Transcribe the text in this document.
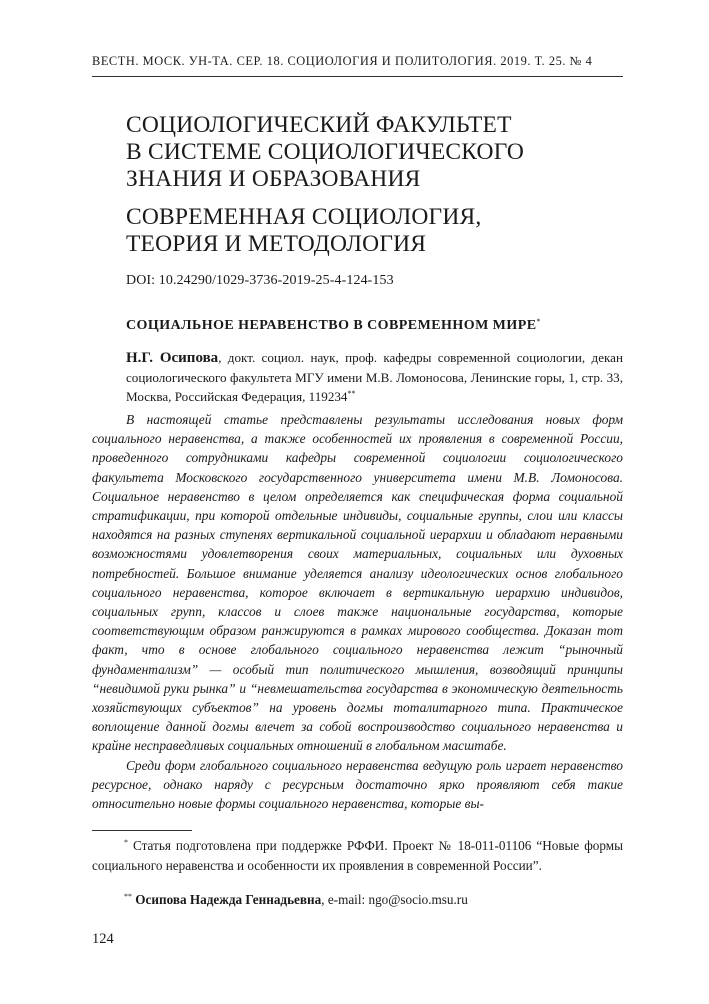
ВЕСТН. МОСК. УН-ТА. СЕР. 18. СОЦИОЛОГИЯ И ПОЛИТОЛОГИЯ. 2019. Т. 25. № 4
СОЦИОЛОГИЧЕСКИЙ ФАКУЛЬТЕТ
В СИСТЕМЕ СОЦИОЛОГИЧЕСКОГО
ЗНАНИЯ И ОБРАЗОВАНИЯ
СОВРЕМЕННАЯ СОЦИОЛОГИЯ,
ТЕОРИЯ И МЕТОДОЛОГИЯ
DOI: 10.24290/1029-3736-2019-25-4-124-153
СОЦИАЛЬНОЕ НЕРАВЕНСТВО В СОВРЕМЕННОМ МИРЕ*
Н.Г. Осипова, докт. социол. наук, проф. кафедры современной социологии, декан социологического факультета МГУ имени М.В. Ломоносова, Ленинские горы, 1, стр. 33, Москва, Российская Федерация, 119234**

В настоящей статье представлены результаты исследования новых форм социального неравенства, а также особенностей их проявления в современной России, проведенного сотрудниками кафедры современной социологии социологического факультета Московского государственного университета имени М.В. Ломоносова. Социальное неравенство в целом определяется как специфическая форма социальной стратификации, при которой отдельные индивиды, социальные группы, слои или классы находятся на разных ступенях вертикальной социальной иерархии и обладают неравными возможностями удовлетворения своих материальных, социальных или духовных потребностей. Большое внимание уделяется анализу идеологических основ глобального социального неравенства, которое включает в вертикальную иерархию индивидов, социальных групп, классов и слоев также национальные государства, которые соответствующим образом ранжируются в рамках мирового сообщества. Доказан тот факт, что в основе глобального социального неравенства лежит “рыночный фундаментализм” — особый тип политического мышления, возводящий принципы “невидимой руки рынка” и “невмешательства государства в экономическую деятельность хозяйствующих субъектов” на уровень догмы тоталитарного типа. Практическое воплощение данной догмы влечет за собой воспроизводство социального неравенства и крайне несправедливых социальных отношений в глобальном масштабе.

Среди форм глобального социального неравенства ведущую роль играет неравенство ресурсное, однако наряду с ресурсным достаточно ярко проявляют себя такие относительно новые формы социального неравенства, которые вы-

* Статья подготовлена при поддержке РФФИ. Проект № 18-011-01106 “Новые формы социального неравенства и особенности их проявления в современной России”.
** Осипова Надежда Геннадьевна, e-mail: ngo@socio.msu.ru
124
